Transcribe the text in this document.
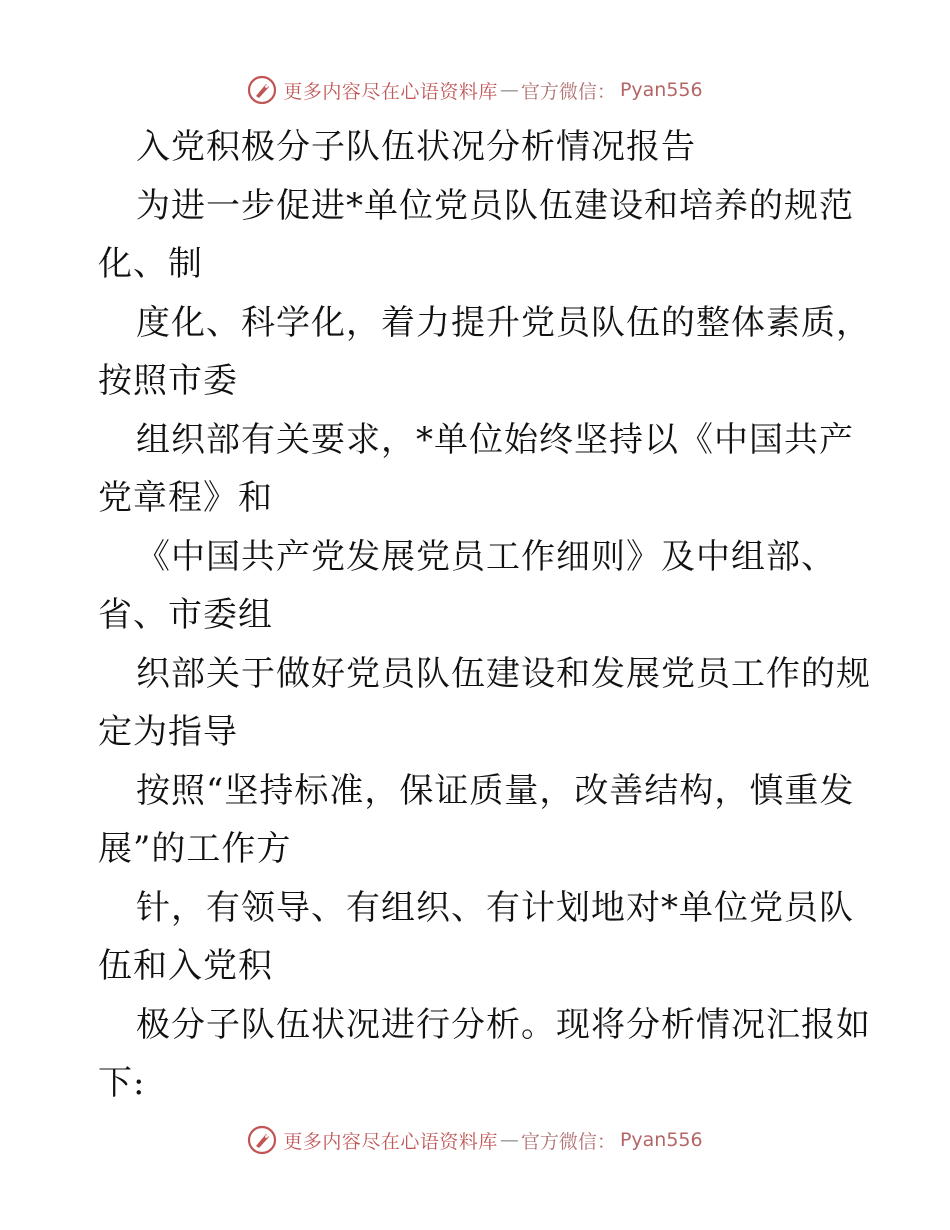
更多内容尽在心语资料库 — 官方微信： Pyan556
入党积极分子队伍状况分析情况报告
为进一步促进*单位党员队伍建设和培养的规范
化、制
度化、科学化，着力提升党员队伍的整体素质，
按照市委
组织部有关要求，*单位始终坚持以《中国共产
党章程》和
《中国共产党发展党员工作细则》及中组部、
省、市委组
织部关于做好党员队伍建设和发展党员工作的规
定为指导
按照“坚持标准，保证质量，改善结构，慎重发
展”的工作方
针，有领导、有组织、有计划地对*单位党员队
伍和入党积
极分子队伍状况进行分析。现将分析情况汇报如
下:
更多内容尽在心语资料库 — 官方微信： Pyan556
